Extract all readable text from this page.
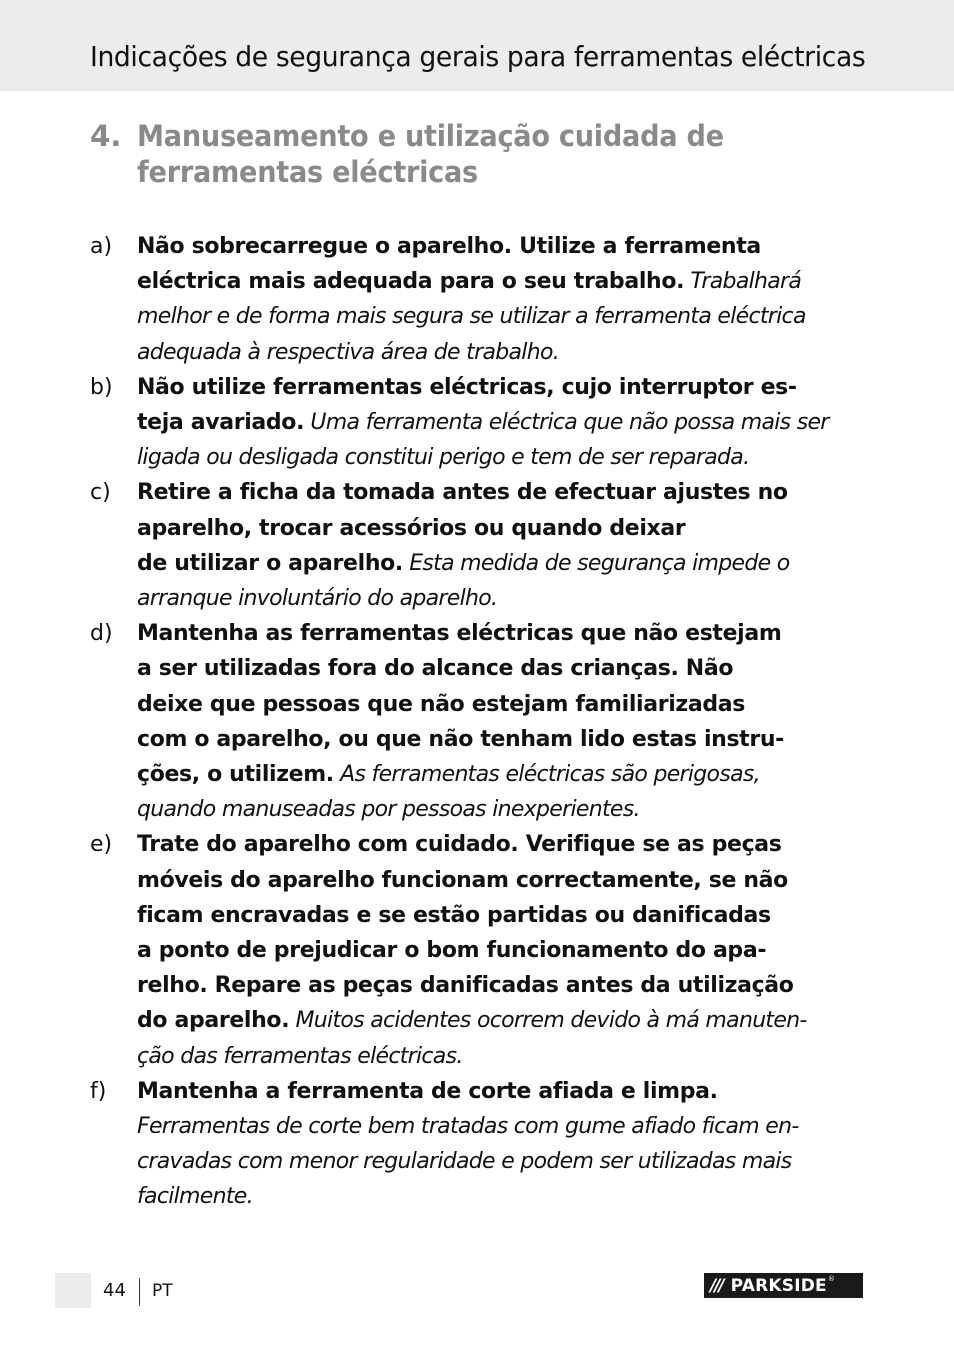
Indicações de segurança gerais para ferramentas eléctricas
4. Manuseamento e utilização cuidada de
ferramentas eléctricas
a) Não sobrecarregue o aparelho. Utilize a ferramenta
eléctrica mais adequada para o seu trabalho. Trabalhará
melhor e de forma mais segura se utilizar a ferramenta eléctrica
adequada à respectiva área de trabalho.
b) Não utilize ferramentas eléctricas, cujo interruptor es-
teja avariado. Uma ferramenta eléctrica que não possa mais ser
ligada ou desligada constitui perigo e tem de ser reparada.
c) Retire a ficha da tomada antes de efectuar ajustes no
aparelho, trocar acessórios ou quando deixar
de utilizar o aparelho. Esta medida de segurança impede o
arranque involuntário do aparelho.
d) Mantenha as ferramentas eléctricas que não estejam
a ser utilizadas fora do alcance das crianças. Não
deixe que pessoas que não estejam familiarizadas
com o aparelho, ou que não tenham lido estas instru-
ções, o utilizem. As ferramentas eléctricas são perigosas,
quando manuseadas por pessoas inexperientes.
e) Trate do aparelho com cuidado. Verifique se as peças
móveis do aparelho funcionam correctamente, se não
ficam encravadas e se estão partidas ou danificadas
a ponto de prejudicar o bom funcionamento do apa-
relho. Repare as peças danificadas antes da utilização
do aparelho. Muitos acidentes ocorrem devido à má manuten-
ção das ferramentas eléctricas.
f) Mantenha a ferramenta de corte afiada e limpa.
Ferramentas de corte bem tratadas com gume afiado ficam en-
cravadas com menor regularidade e podem ser utilizadas mais
facilmente.
44 PT	/// PARKSIDE ®
